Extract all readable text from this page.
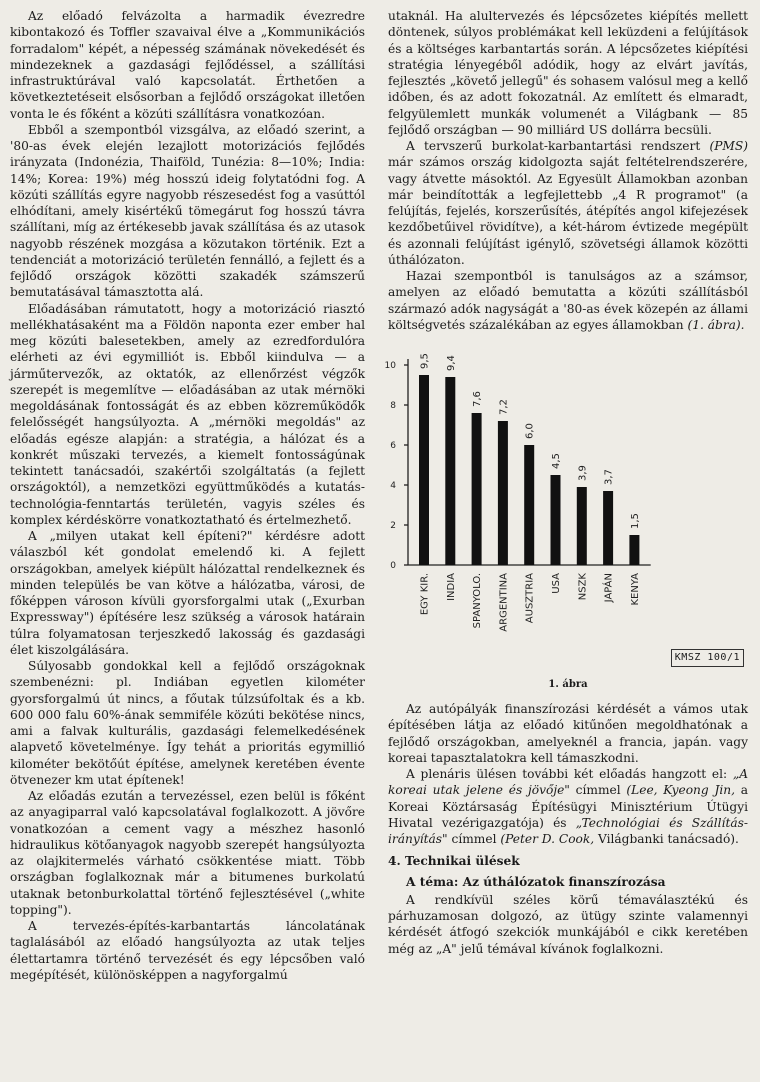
Az előadó felvázolta a harmadik évezredre kibontakozó és Toffler szavaival élve a „Kommunikációs forradalom" képét, a népesség számának növekedését és mindezeknek a gazdasági fejlődéssel, a szállítási infrastruktúrával való kapcsolatát. Érthetően a következtetéseit elsősorban a fejlődő országokat illetően vonta le és főként a közúti szállításra vonatkozóan.

Ebből a szempontból vizsgálva, az előadó szerint, a '80-as évek elején lezajlott motorizációs fejlődés irányzata (Indonézia, Thaiföld, Tunézia: 8—10%; India: 14%; Korea: 19%) még hosszú ideig folytatódni fog. A közúti szállítás egyre nagyobb részesedést fog a vasúttól elhódítani, amely kisértékű tömegárut fog hosszú távra szállítani, míg az értékesebb javak szállítása és az utasok nagyobb részének mozgása a közutakon történik. Ezt a tendenciát a motorizáció területén fennálló, a fejlett és a fejlődő országok közötti szakadék számszerű bemutatásával támasztotta alá.

Előadásában rámutatott, hogy a motorizáció riasztó mellékhatásaként ma a Földön naponta ezer ember hal meg közúti balesetekben, amely az ezredfordulóra elérheti az évi egymilliót is. Ebből kiindulva — a járműtervezők, az oktatók, az ellenőrzést végzők szerepét is megemlítve — előadásában az utak mérnöki megoldásának fontosságát és az ebben közreműködők felelősségét hangsúlyozta. A „mérnöki megoldás" az előadás egésze alapján: a stratégia, a hálózat és a konkrét műszaki tervezés, a kiemelt fontosságúnak tekintett tanácsadói, szakértői szolgáltatás (a fejlett országoktól), a nemzetközi együttműködés a kutatás-technológia-fenntartás területén, vagyis széles és komplex kérdéskörre vonatkoztatható és értelmezhető.

A „milyen utakat kell építeni?" kérdésre adott válaszból két gondolat emelendő ki. A fejlett országokban, amelyek kiépült hálózattal rendelkeznek és minden település be van kötve a hálózatba, városi, de főképpen városon kívüli gyorsforgalmi utak („Exurban Expressway") építésére lesz szükség a városok határain túlra folyamatosan terjeszkedő lakosság és gazdasági élet kiszolgálására.

Súlyosabb gondokkal kell a fejlődő országoknak szembenézni: pl. Indiában egyetlen kilométer gyorsforgalmú út nincs, a főutak túlzsúfoltak és a kb. 600 000 falu 60%-ának semmiféle közúti bekötése nincs, ami a falvak kulturális, gazdasági felemelkedésének alapvető követelménye. Így tehát a prioritás egymillió kilométer bekötőút építése, amelynek keretében évente ötvenezer km utat építenek!

Az előadás ezután a tervezéssel, ezen belül is főként az anyagiparral való kapcsolatával foglalkozott. A jövőre vonatkozóan a cement vagy a mészhez hasonló hidraulikus kötőanyagok nagyobb szerepét hangsúlyozta az olajkitermelés várható csökkentése miatt. Több országban foglalkoznak már a bitumenes burkolatú utaknak betonburkolattal történő fejlesztésével („white topping").

A tervezés-építés-karbantartás láncolatának taglalásából az előadó hangsúlyozta az utak teljes élettartamra történő tervezését és egy lépcsőben való megépítését, különösképpen a nagyforgalmú

utaknál. Ha alultervezés és lépcsőzetes kiépítés mellett döntenek, súlyos problémákat kell leküzdeni a felújítások és a költséges karbantartás során. A lépcsőzetes kiépítési stratégia lényegéből adódik, hogy az elvárt javítás, fejlesztés „követő jellegű" és sohasem valósul meg a kellő időben, és az adott fokozatnál. Az említett és elmaradt, felgyülemlett munkák volumenét a Világbank — 85 fejlődő országban — 90 milliárd US dollárra becsüli.

A tervszerű burkolat-karbantartási rendszert (PMS) már számos ország kidolgozta saját feltételrendszerére, vagy átvette másoktól. Az Egyesült Államokban azonban már beindították a legfejlettebb „4 R programot" (a felújítás, fejelés, korszerűsítés, átépítés angol kifejezések kezdőbetűivel rövidítve), a két-három évtizede megépült és azonnali felújítást igénylő, szövetségi államok közötti úthálózaton.

Hazai szempontból is tanulságos az a számsor, amelyen az előadó bemutatta a közúti szállításból származó adók nagyságát a '80-as évek közepén az állami költségvetés százalékában az egyes államokban (1. ábra).

0
2
4
6
8
10 9,5
EGY KIR.
9,4
INDIA
7,6
SPANYOLO.
7,2
ARGENTINA
6,0
AUSZTRIA
4,5
USA
3,9
NSZK
3,7
JAPÁN
1,5
KENYA
KMSZ 100/1
1. ábra

Az autópályák finanszírozási kérdését a vámos utak építésében látja az előadó kitűnően megoldhatónak a fejlődő országokban, amelyeknél a francia, japán. vagy koreai tapasztalatokra kell támaszkodni.

A plenáris ülésen további két előadás hangzott el: „A koreai utak jelene és jövője" címmel (Lee, Kyeong Jin, a Koreai Köztársaság Építésügyi Minisztérium Útügyi Hivatal vezérigazgatója) és „Technológiai és Szállítás-irányítás" címmel (Peter D. Cook, Világbanki tanácsadó).

4. Technikai ülések
A téma: Az úthálózatok finanszírozása

A rendkívül széles körű témaválasztékú és párhuzamosan dolgozó, az ütügy szinte valamennyi kérdését átfogó szekciók munkájából e cikk keretében még az „A" jelű témával kívánok foglalkozni.
